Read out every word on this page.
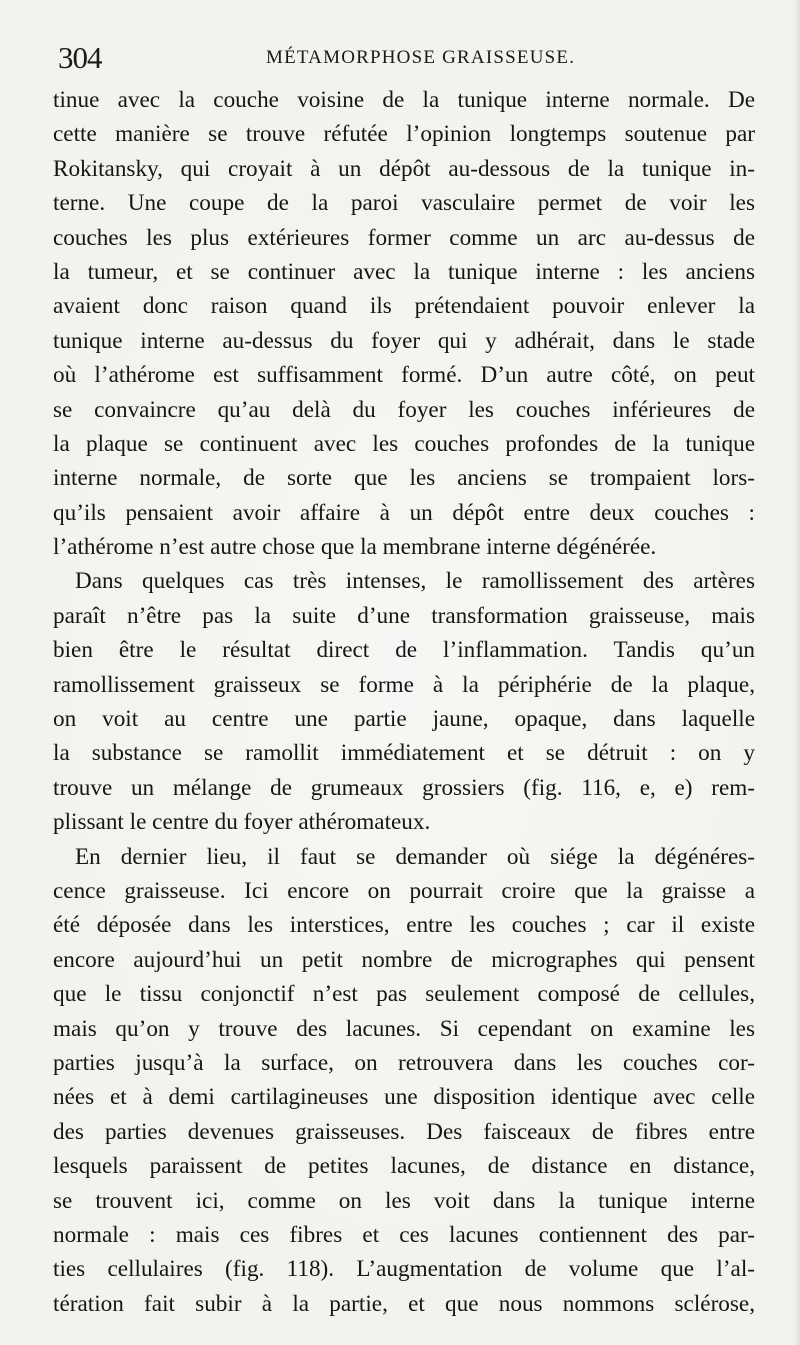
304	MÉTAMORPHOSE GRAISSEUSE.
tinue avec la couche voisine de la tunique interne normale. De
cette manière se trouve réfutée l’opinion longtemps soutenue par
Rokitansky, qui croyait à un dépôt au-dessous de la tunique in-
terne. Une coupe de la paroi vasculaire permet de voir les
couches les plus extérieures former comme un arc au-dessus de
la tumeur, et se continuer avec la tunique interne : les anciens
avaient donc raison quand ils prétendaient pouvoir enlever la
tunique interne au-dessus du foyer qui y adhérait, dans le stade
où l’athérome est suffisamment formé. D’un autre côté, on peut
se convaincre qu’au delà du foyer les couches inférieures de
la plaque se continuent avec les couches profondes de la tunique
interne normale, de sorte que les anciens se trompaient lors-
qu’ils pensaient avoir affaire à un dépôt entre deux couches :
l’athérome n’est autre chose que la membrane interne dégénérée.
Dans quelques cas très intenses, le ramollissement des artères
paraît n’être pas la suite d’une transformation graisseuse, mais
bien être le résultat direct de l’inflammation. Tandis qu’un
ramollissement graisseux se forme à la périphérie de la plaque,
on voit au centre une partie jaune, opaque, dans laquelle
la substance se ramollit immédiatement et se détruit : on y
trouve un mélange de grumeaux grossiers (fig. 116, e, e) rem-
plissant le centre du foyer athéromateux.
En dernier lieu, il faut se demander où siége la dégénéres-
cence graisseuse. Ici encore on pourrait croire que la graisse a
été déposée dans les interstices, entre les couches ; car il existe
encore aujourd’hui un petit nombre de micrographes qui pensent
que le tissu conjonctif n’est pas seulement composé de cellules,
mais qu’on y trouve des lacunes. Si cependant on examine les
parties jusqu’à la surface, on retrouvera dans les couches cor-
nées et à demi cartilagineuses une disposition identique avec celle
des parties devenues graisseuses. Des faisceaux de fibres entre
lesquels paraissent de petites lacunes, de distance en distance,
se trouvent ici, comme on les voit dans la tunique interne
normale : mais ces fibres et ces lacunes contiennent des par-
ties cellulaires (fig. 118). L’augmentation de volume que l’al-
tération fait subir à la partie, et que nous nommons sclérose,
